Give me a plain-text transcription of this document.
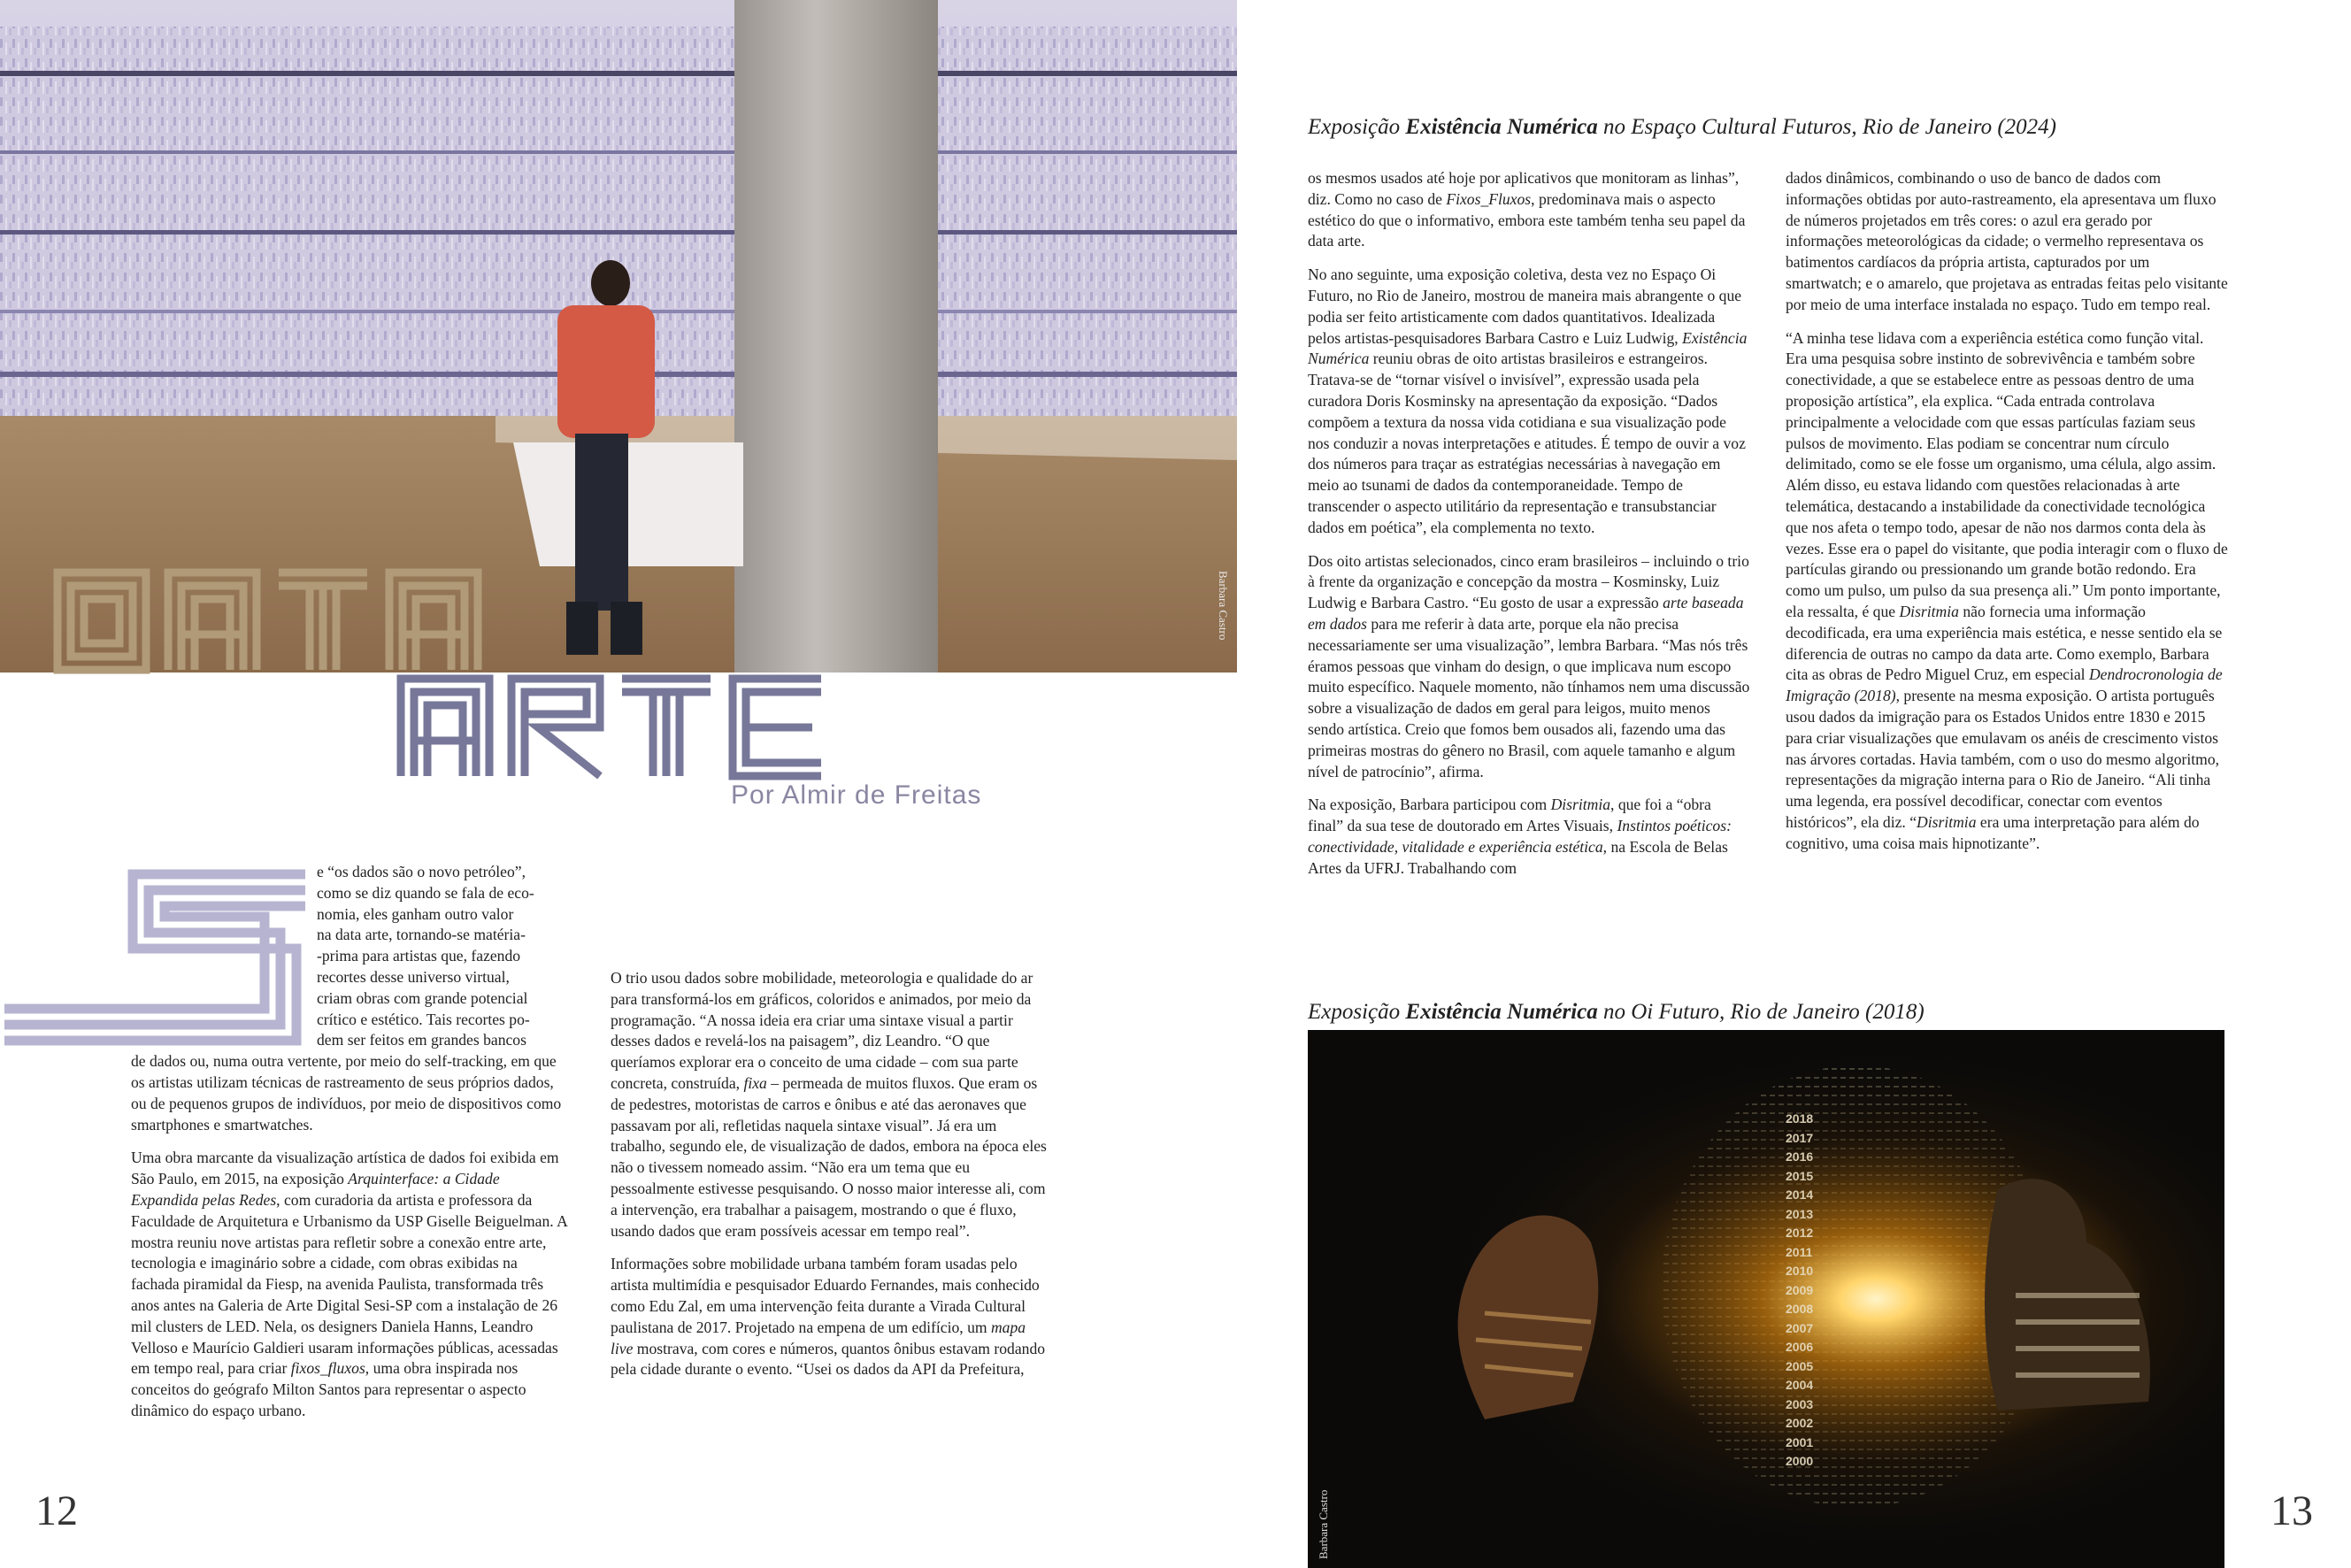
Barbara Castro
Por Almir de Freitas
e “os dados são o novo petróleo”,
como se diz quando se fala de eco-
nomia, eles ganham outro valor
na data arte, tornando-se matéria-
-prima para artistas que, fazendo
recortes desse universo virtual,
criam obras com grande potencial
crítico e estético. Tais recortes po-
dem ser feitos em grandes bancos

de dados ou, numa outra vertente, por meio do self-tracking, em que os artistas utilizam técnicas de rastreamento de seus próprios dados, ou de pequenos grupos de indivíduos, por meio de dispositivos como smartphones e smartwatches.

Uma obra marcante da visualização artística de dados foi exibida em São Paulo, em 2015, na exposição Arquinterface: a Cidade Expandida pelas Redes, com curadoria da artista e professora da Faculdade de Arquitetura e Urbanismo da USP Giselle Beiguelman. A mostra reuniu nove artistas para refletir sobre a conexão entre arte, tecnologia e imaginário sobre a cidade, com obras exibidas na fachada piramidal da Fiesp, na avenida Paulista, transformada três anos antes na Galeria de Arte Digital Sesi-SP com a instalação de 26 mil clusters de LED. Nela, os designers Daniela Hanns, Leandro Velloso e Maurício Galdieri usaram informações públicas, acessadas em tempo real, para criar fixos_fluxos, uma obra inspirada nos conceitos do geógrafo Milton Santos para representar o aspecto dinâmico do espaço urbano.

O trio usou dados sobre mobilidade, meteorologia e qualidade do ar para transformá-los em gráficos, coloridos e animados, por meio da programação. “A nossa ideia era criar uma sintaxe visual a partir desses dados e revelá-los na paisagem”, diz Leandro. “O que queríamos explorar era o conceito de uma cidade – com sua parte concreta, construída, fixa – permeada de muitos fluxos. Que eram os de pedestres, motoristas de carros e ônibus e até das aeronaves que passavam por ali, refletidas naquela sintaxe visual”. Já era um trabalho, segundo ele, de visualização de dados, embora na época eles não o tivessem nomeado assim. “Não era um tema que eu pessoalmente estivesse pesquisando. O nosso maior interesse ali, com a intervenção, era trabalhar a paisagem, mostrando o que é fluxo, usando dados que eram possíveis acessar em tempo real”.

Informações sobre mobilidade urbana também foram usadas pelo artista multimídia e pesquisador Eduardo Fernandes, mais conhecido como Edu Zal, em uma intervenção feita durante a Virada Cultural paulistana de 2017. Projetado na empena de um edifício, um mapa live mostrava, com cores e números, quantos ônibus estavam rodando pela cidade durante o evento. “Usei os dados da API da Prefeitura,

12	13
Exposição Existência Numérica no Espaço Cultural Futuros, Rio de Janeiro (2024)

os mesmos usados até hoje por aplicativos que monitoram as linhas”, diz. Como no caso de Fixos_Fluxos, predominava mais o aspecto estético do que o informativo, embora este também tenha seu papel da data arte.

No ano seguinte, uma exposição coletiva, desta vez no Espaço Oi Futuro, no Rio de Janeiro, mostrou de maneira mais abrangente o que podia ser feito artisticamente com dados quantitativos. Idealizada pelos artistas-pesquisadores Barbara Castro e Luiz Ludwig, Existência Numérica reuniu obras de oito artistas brasileiros e estrangeiros. Tratava-se de “tornar visível o invisível”, expressão usada pela curadora Doris Kosminsky na apresentação da exposição. “Dados compõem a textura da nossa vida cotidiana e sua visualização pode nos conduzir a novas interpretações e atitudes. É tempo de ouvir a voz dos números para traçar as estratégias necessárias à navegação em meio ao tsunami de dados da contemporaneidade. Tempo de transcender o aspecto utilitário da representação e transubstanciar dados em poética”, ela complementa no texto.

Dos oito artistas selecionados, cinco eram brasileiros – incluindo o trio à frente da organização e concepção da mostra – Kosminsky, Luiz Ludwig e Barbara Castro. “Eu gosto de usar a expressão arte baseada em dados para me referir à data arte, porque ela não precisa necessariamente ser uma visualização”, lembra Barbara. “Mas nós três éramos pessoas que vinham do design, o que implicava num escopo muito específico. Naquele momento, não tínhamos nem uma discussão sobre a visualização de dados em geral para leigos, muito menos sendo artística. Creio que fomos bem ousados ali, fazendo uma das primeiras mostras do gênero no Brasil, com aquele tamanho e algum nível de patrocínio”, afirma.

Na exposição, Barbara participou com Disritmia, que foi a “obra final” da sua tese de doutorado em Artes Visuais, Instintos poéticos: conectividade, vitalidade e experiência estética, na Escola de Belas Artes da UFRJ. Trabalhando com

dados dinâmicos, combinando o uso de banco de dados com informações obtidas por auto-rastreamento, ela apresentava um fluxo de números projetados em três cores: o azul era gerado por informações meteorológicas da cidade; o vermelho representava os batimentos cardíacos da própria artista, capturados por um smartwatch; e o amarelo, que projetava as entradas feitas pelo visitante por meio de uma interface instalada no espaço. Tudo em tempo real.

“A minha tese lidava com a experiência estética como função vital. Era uma pesquisa sobre instinto de sobrevivência e também sobre conectividade, a que se estabelece entre as pessoas dentro de uma proposição artística”, ela explica. “Cada entrada controlava principalmente a velocidade com que essas partículas faziam seus pulsos de movimento. Elas podiam se concentrar num círculo delimitado, como se ele fosse um organismo, uma célula, algo assim. Além disso, eu estava lidando com questões relacionadas à arte telemática, destacando a instabilidade da conectividade tecnológica que nos afeta o tempo todo, apesar de não nos darmos conta dela às vezes. Esse era o papel do visitante, que podia interagir com o fluxo de partículas girando ou pressionando um grande botão redondo. Era como um pulso, um pulso da sua presença ali.” Um ponto importante, ela ressalta, é que Disritmia não fornecia uma informação decodificada, era uma experiência mais estética, e nesse sentido ela se diferencia de outras no campo da data arte. Como exemplo, Barbara cita as obras de Pedro Miguel Cruz, em especial Dendrocronologia de Imigração (2018), presente na mesma exposição. O artista português usou dados da imigração para os Estados Unidos entre 1830 e 2015 para criar visualizações que emulavam os anéis de crescimento vistos nas árvores cortadas. Havia também, com o uso do mesmo algoritmo, representações da migração interna para o Rio de Janeiro. “Ali tinha uma legenda, era possível decodificar, conectar com eventos históricos”, ela diz. “Disritmia era uma interpretação para além do cognitivo, uma coisa mais hipnotizante”.

Exposição Existência Numérica no Oi Futuro, Rio de Janeiro (2018)
2018
2017
2016
2015
2014
2013
2012
2011
2010
2009
2008
2007
2006
2005
2004
2003
2002
2001
2000
Barbara Castro
